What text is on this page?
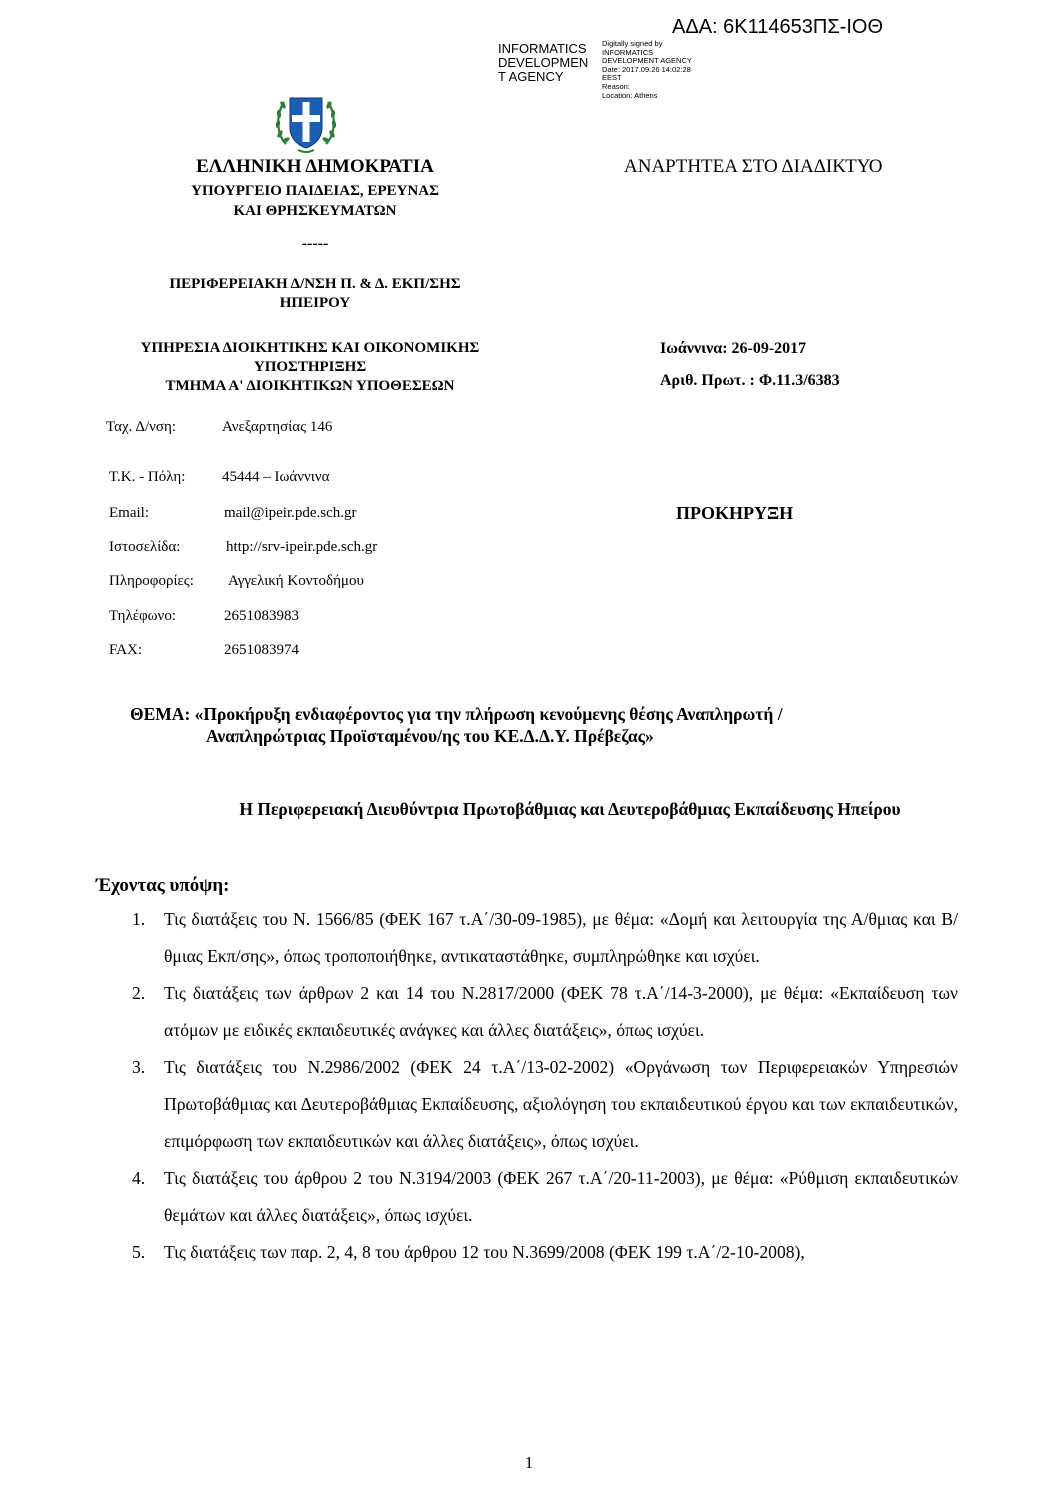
ΑΔΑ: 6Κ114653ΠΣ-ΙΟΘ
INFORMATICS
DEVELOPMEN
T AGENCY
Digitally signed by
INFORMATICS
DEVELOPMENT AGENCY
Date: 2017.09.26 14:02:28
EEST
Reason:
Location: Athens
ΕΛΛΗΝΙΚΗ ΔΗΜΟΚΡΑΤΙΑ
ΥΠΟΥΡΓΕΙΟ ΠΑΙΔΕΙΑΣ, ΕΡΕΥΝΑΣ
ΚΑΙ ΘΡΗΣΚΕΥΜΑΤΩΝ
-----
ΠΕΡΙΦΕΡΕΙΑΚΗ Δ/ΝΣΗ Π. & Δ. ΕΚΠ/ΣΗΣ
ΗΠΕΙΡΟΥ
ΥΠΗΡΕΣΙΑ ΔΙΟΙΚΗΤΙΚΗΣ ΚΑΙ ΟΙΚΟΝΟΜΙΚΗΣ
ΥΠΟΣΤΗΡΙΞΗΣ
ΤΜΗΜΑ Α' ΔΙΟΙΚΗΤΙΚΩΝ ΥΠΟΘΕΣΕΩΝ
ΑΝΑΡΤΗΤΕΑ ΣΤΟ ΔΙΑΔΙΚΤΥΟ
Ιωάννινα: 26-09-2017
Αριθ. Πρωτ. : Φ.11.3/6383
ΠΡΟΚΗΡΥΞΗ
Ταχ. Δ/νση:	Ανεξαρτησίας 146
Τ.Κ. - Πόλη: 45444 – Ιωάννινα
Email:	mail@ipeir.pde.sch.gr
Ιστοσελίδα:	http://srv-ipeir.pde.sch.gr
Πληροφορίες: Αγγελική Κοντοδήμου
Τηλέφωνο:	2651083983
FAX:	2651083974
ΘΕΜΑ: «Προκήρυξη ενδιαφέροντος για την πλήρωση κενούμενης θέσης Αναπληρωτή /
Αναπληρώτριας Προϊσταμένου/ης του ΚΕ.Δ.Δ.Υ. Πρέβεζας»
Η Περιφερειακή Διευθύντρια Πρωτοβάθμιας και Δευτεροβάθμιας Εκπαίδευσης Ηπείρου
Έχοντας υπόψη:
1. Τις διατάξεις του Ν. 1566/85 (ΦΕΚ 167 τ.Α΄/30-09-1985), με θέμα: «Δομή και λειτουργία της Α/θμιας και Β/θμιας Εκπ/σης», όπως τροποποιήθηκε, αντικαταστάθηκε, συμπληρώθηκε και ισχύει.
2. Τις διατάξεις των άρθρων 2 και 14 του Ν.2817/2000 (ΦΕΚ 78 τ.Α΄/14-3-2000), με θέμα: «Εκπαίδευση των ατόμων με ειδικές εκπαιδευτικές ανάγκες και άλλες διατάξεις», όπως ισχύει.
3. Τις διατάξεις του Ν.2986/2002 (ΦΕΚ 24 τ.Α΄/13-02-2002) «Οργάνωση των Περιφερειακών Υπηρεσιών Πρωτοβάθμιας και Δευτεροβάθμιας Εκπαίδευσης, αξιολόγηση του εκπαιδευτικού έργου και των εκπαιδευτικών, επιμόρφωση των εκπαιδευτικών και άλλες διατάξεις», όπως ισχύει.
4. Τις διατάξεις του άρθρου 2 του Ν.3194/2003 (ΦΕΚ 267 τ.Α΄/20-11-2003), με θέμα: «Ρύθμιση εκπαιδευτικών θεμάτων και άλλες διατάξεις», όπως ισχύει.
5. Τις διατάξεις των παρ. 2, 4, 8 του άρθρου 12 του Ν.3699/2008 (ΦΕΚ 199 τ.Α΄/2-10-2008),
1
